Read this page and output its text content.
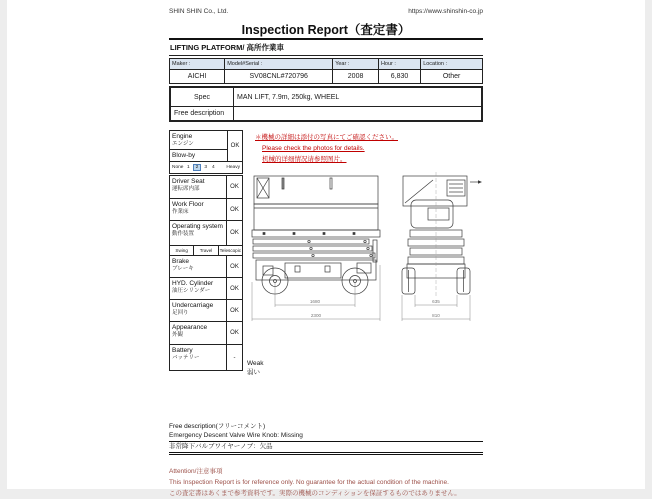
SHIN SHIN Co., Ltd.	https://www.shinshin-co.jp
Inspection Report（査定書）
LIFTING PLATFORM/ 高所作業車
Maker :	Model#Serial :	Year :	Hour :	Location :
AICHI	SV08CNL#720796	2008	6,830	Other
Spec	MAN LIFT, 7.9m, 250kg, WHEEL
Free description	
Engine
エンジン	OK
Blow-by
None 1	2	3	4	Heavy
Driver Seat
運転席内部	OK
Work Floor
作業床	OK
Operating system
動作装置	OK
Swing	Travel	Telescopic
Brake
ブレーキ	OK
HYD. Cylinder
油圧シリンダー	OK
Undercarriage
足回り	OK
Appearance
外観	OK
Battery
バッテリー	-
Weak
弱い
＊機械の詳細は添付の写真にてご確認ください。
Please check the photos for details.
机械的详细情况请参照图片。
1680
2300
635
810
Free description(フリーコメント)
Emergency Descent Valve Wire Knob: Missing
非常降下バルブワイヤーノブ：欠品
Attention/注意事項
This Inspection Report is for reference only. No guarantee for the actual condition of the machine.
この査定書はあくまで参考資料です。実際の機械のコンディションを保証するものではありません。
